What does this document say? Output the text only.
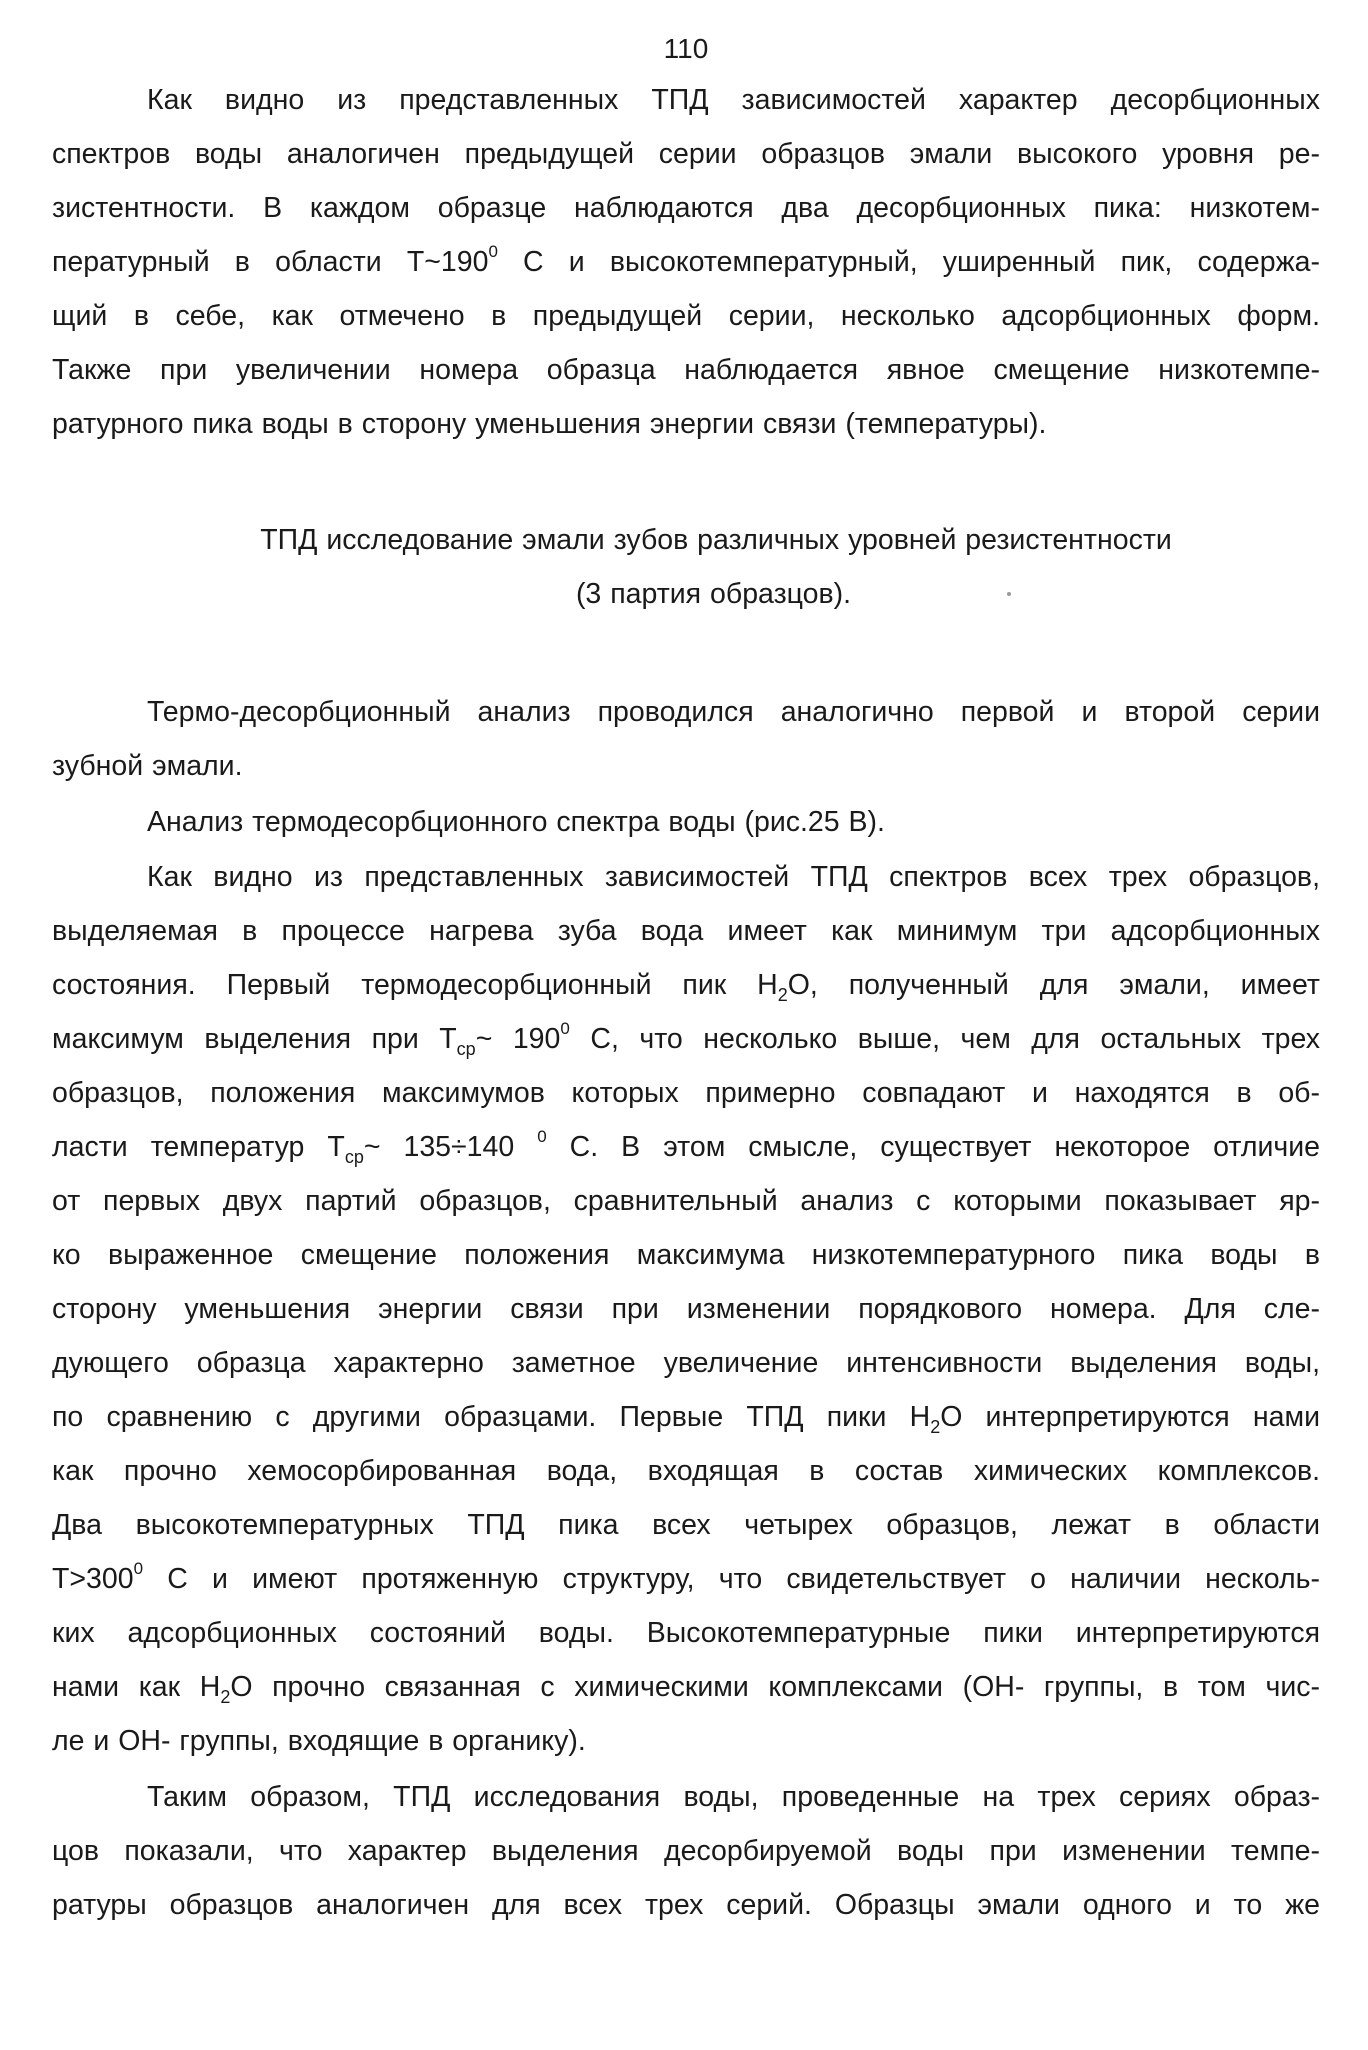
110
Как видно из представленных ТПД зависимостей характер десорбционных
спектров воды аналогичен предыдущей серии образцов эмали высокого уровня ре-
зистентности. В каждом образце наблюдаются два десорбционных пика: низкотем-
пературный в области $Т\sim 190^0$ С и высокотемпературный, уширенный пик, содержа-
щий в себе, как отмечено в предыдущей серии, несколько адсорбционных форм.
Также при увеличении номера образца наблюдается явное смещение низкотемпе-
ратурного пика воды в сторону уменьшения энергии связи (температуры).
ТПД исследование эмали зубов различных уровней резистентности
(3 партия образцов).
Термо-десорбционный анализ проводился аналогично первой и второй серии
зубной эмали.
Анализ термодесорбционного спектра воды (рис.25 В).
Как видно из представленных зависимостей ТПД спектров всех трех образцов,
выделяемая в процессе нагрева зуба вода имеет как минимум три адсорбционных
состояния. Первый термодесорбционный пик $H_2O$, полученный для эмали, имеет
максимум выделения при $Т_{ср}\sim$ $190^0$ С, что несколько выше, чем для остальных трех
образцов, положения максимумов которых примерно совпадают и находятся в об-
ласти температур $Т_{ср}\sim$ 135÷140 $^0$ С. В этом смысле, существует некоторое отличие
от первых двух партий образцов, сравнительный анализ с которыми показывает яр-
ко выраженное смещение положения максимума низкотемпературного пика воды в
сторону уменьшения энергии связи при изменении порядкового номера. Для сле-
дующего образца характерно заметное увеличение интенсивности выделения воды,
по сравнению с другими образцами. Первые ТПД пики $H_2O$ интерпретируются нами
как прочно хемосорбированная вода, входящая в состав химических комплексов.
Два высокотемпературных ТПД пика всех четырех образцов, лежат в области
$Т>300^0$ С и имеют протяженную структуру, что свидетельствует о наличии несколь-
ких адсорбционных состояний воды. Высокотемпературные пики интерпретируются
нами как $H_2O$ прочно связанная с химическими комплексами (ОН- группы, в том чис-
ле и ОН- группы, входящие в органику).
Таким образом, ТПД исследования воды, проведенные на трех сериях образ-
цов показали, что характер выделения десорбируемой воды при изменении темпе-
ратуры образцов аналогичен для всех трех серий. Образцы эмали одного и то же
